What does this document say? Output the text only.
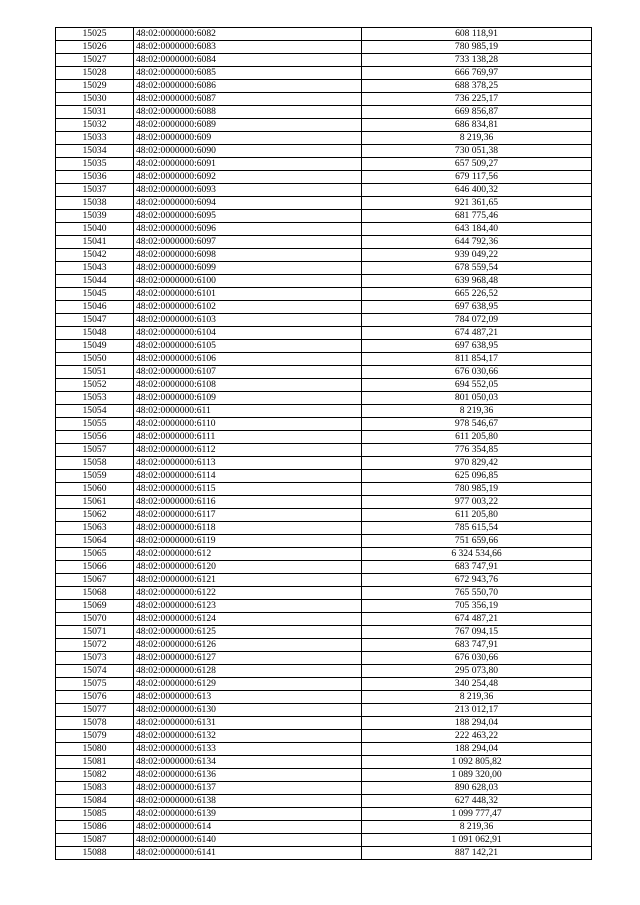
15025	48:02:0000000:6082	608 118,91
15026	48:02:0000000:6083	780 985,19
15027	48:02:0000000:6084	733 138,28
15028	48:02:0000000:6085	666 769,97
15029	48:02:0000000:6086	688 378,25
15030	48:02:0000000:6087	736 225,17
15031	48:02:0000000:6088	669 856,87
15032	48:02:0000000:6089	686 834,81
15033	48:02:0000000:609	8 219,36
15034	48:02:0000000:6090	730 051,38
15035	48:02:0000000:6091	657 509,27
15036	48:02:0000000:6092	679 117,56
15037	48:02:0000000:6093	646 400,32
15038	48:02:0000000:6094	921 361,65
15039	48:02:0000000:6095	681 775,46
15040	48:02:0000000:6096	643 184,40
15041	48:02:0000000:6097	644 792,36
15042	48:02:0000000:6098	939 049,22
15043	48:02:0000000:6099	678 559,54
15044	48:02:0000000:6100	639 968,48
15045	48:02:0000000:6101	665 226,52
15046	48:02:0000000:6102	697 638,95
15047	48:02:0000000:6103	784 072,09
15048	48:02:0000000:6104	674 487,21
15049	48:02:0000000:6105	697 638,95
15050	48:02:0000000:6106	811 854,17
15051	48:02:0000000:6107	676 030,66
15052	48:02:0000000:6108	694 552,05
15053	48:02:0000000:6109	801 050,03
15054	48:02:0000000:611	8 219,36
15055	48:02:0000000:6110	978 546,67
15056	48:02:0000000:6111	611 205,80
15057	48:02:0000000:6112	776 354,85
15058	48:02:0000000:6113	970 829,42
15059	48:02:0000000:6114	625 096,85
15060	48:02:0000000:6115	780 985,19
15061	48:02:0000000:6116	977 003,22
15062	48:02:0000000:6117	611 205,80
15063	48:02:0000000:6118	785 615,54
15064	48:02:0000000:6119	751 659,66
15065	48:02:0000000:612	6 324 534,66
15066	48:02:0000000:6120	683 747,91
15067	48:02:0000000:6121	672 943,76
15068	48:02:0000000:6122	765 550,70
15069	48:02:0000000:6123	705 356,19
15070	48:02:0000000:6124	674 487,21
15071	48:02:0000000:6125	767 094,15
15072	48:02:0000000:6126	683 747,91
15073	48:02:0000000:6127	676 030,66
15074	48:02:0000000:6128	295 073,80
15075	48:02:0000000:6129	340 254,48
15076	48:02:0000000:613	8 219,36
15077	48:02:0000000:6130	213 012,17
15078	48:02:0000000:6131	188 294,04
15079	48:02:0000000:6132	222 463,22
15080	48:02:0000000:6133	188 294,04
15081	48:02:0000000:6134	1 092 805,82
15082	48:02:0000000:6136	1 089 320,00
15083	48:02:0000000:6137	890 628,03
15084	48:02:0000000:6138	627 448,32
15085	48:02:0000000:6139	1 099 777,47
15086	48:02:0000000:614	8 219,36
15087	48:02:0000000:6140	1 091 062,91
15088	48:02:0000000:6141	887 142,21
